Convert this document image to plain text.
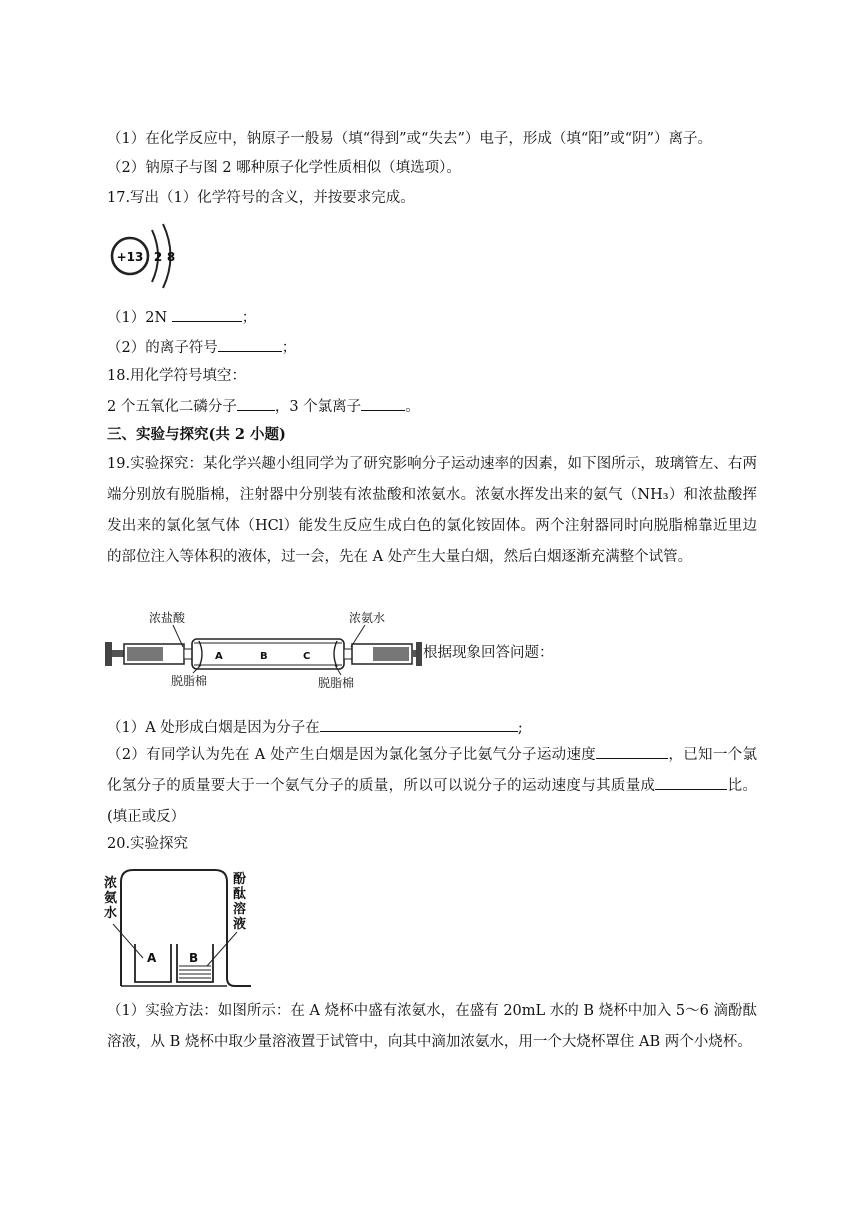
（1）在化学反应中，钠原子一般易（填“得到”或“失去”）电子，形成（填“阳”或“阴”）离子。
（2）钠原子与图 2 哪种原子化学性质相似（填选项）。
17.写出（1）化学符号的含义，并按要求完成。
+13 2 8
（1）2N	；
（2）的离子符号	；
18.用化学符号填空：
2 个五氧化二磷分子	，3 个氯离子	。
三、实验与探究(共 2 小题)
19.实验探究：某化学兴趣小组同学为了研究影响分子运动速率的因素，如下图所示，玻璃管左、右两端分别放有脱脂棉，注射器中分别装有浓盐酸和浓氨水。浓氨水挥发出来的氨气（NH₃）和浓盐酸挥发出来的氯化氢气体（HCl）能发生反应生成白色的氯化铵固体。两个注射器同时向脱脂棉靠近里边的部位注入等体积的液体，过一会，先在 A 处产生大量白烟，然后白烟逐渐充满整个试管。
A	B	C
浓盐酸	浓氨水
脱脂棉	脱脂棉
根据现象回答问题：
（1）A 处形成白烟是因为分子在	;
（2）有同学认为先在 A 处产生白烟是因为氯化氢分子比氨气分子运动速度	，已知一个氯化氢分子的质量要大于一个氨气分子的质量，所以可以说分子的运动速度与其质量成	比。(填正或反）
20.实验探究
A	B
浓氨水
酚酞溶液
（1）实验方法：如图所示：在 A 烧杯中盛有浓氨水，在盛有 20mL 水的 B 烧杯中加入 5～6 滴酚酞溶液，从 B 烧杯中取少量溶液置于试管中，向其中滴加浓氨水，用一个大烧杯罩住 AB 两个小烧杯。
